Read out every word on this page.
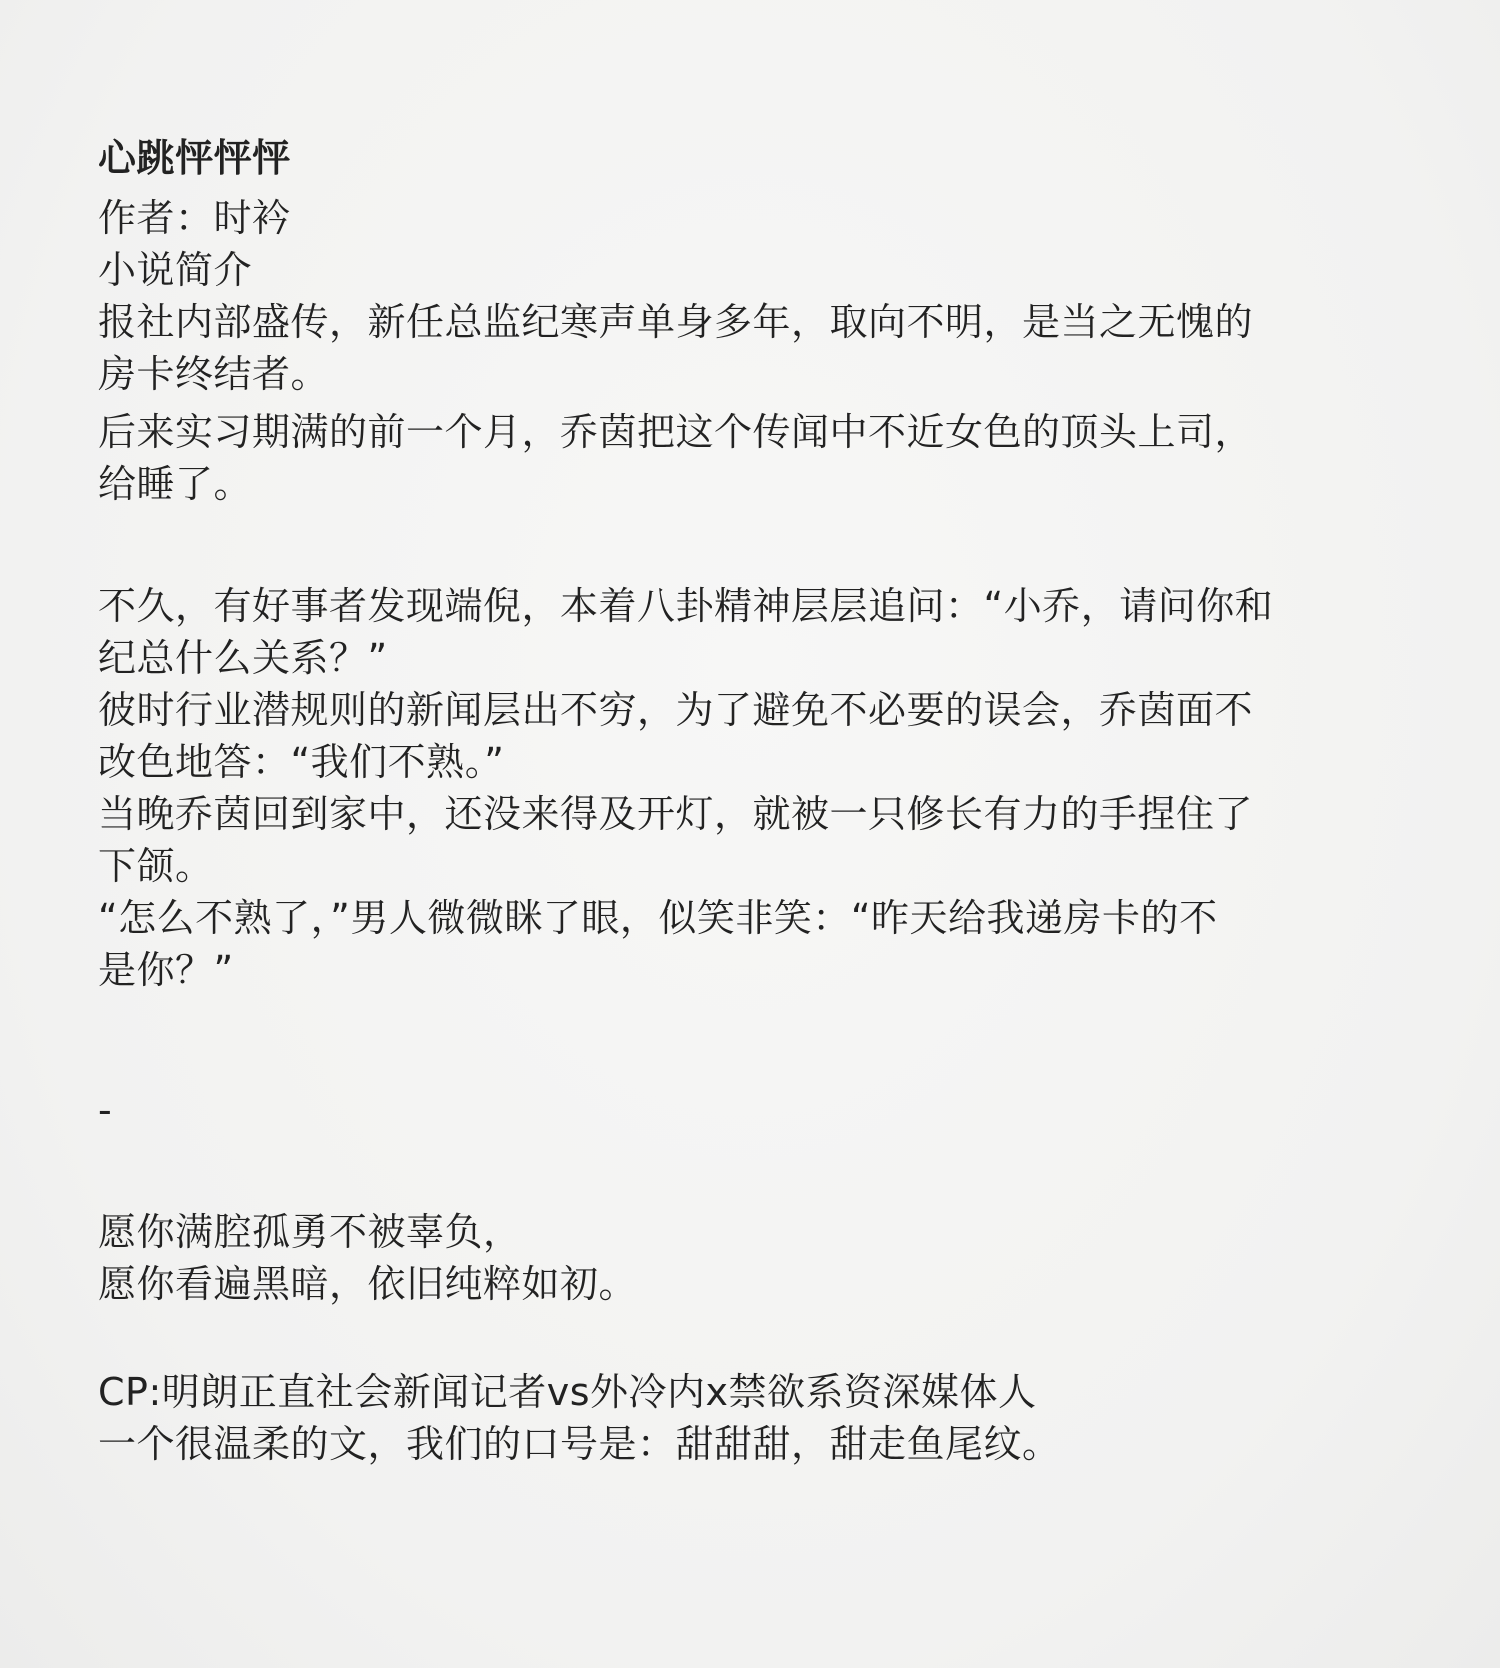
心跳怦怦怦
作者：时衿
小说简介
报社内部盛传，新任总监纪寒声单身多年，取向不明，是当之无愧的
房卡终结者。
后来实习期满的前一个月，乔茵把这个传闻中不近女色的顶头上司，
给睡了。
不久，有好事者发现端倪，本着八卦精神层层追问：“小乔，请问你和
纪总什么关系？”
彼时行业潜规则的新闻层出不穷，为了避免不必要的误会，乔茵面不
改色地答：“我们不熟。”
当晚乔茵回到家中，还没来得及开灯，就被一只修长有力的手捏住了
下颌。
“怎么不熟了，”男人微微眯了眼，似笑非笑：“昨天给我递房卡的不
是你？”
-
愿你满腔孤勇不被辜负，
愿你看遍黑暗，依旧纯粹如初。
CP:明朗正直社会新闻记者vs外冷内x禁欲系资深媒体人
一个很温柔的文，我们的口号是：甜甜甜，甜走鱼尾纹。
